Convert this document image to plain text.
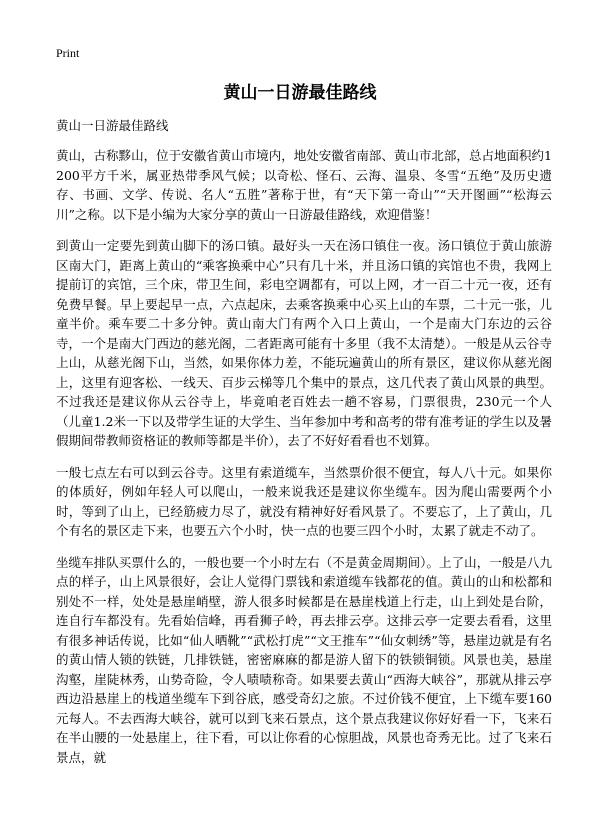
Print
黄山一日游最佳路线

黄山一日游最佳路线

黄山，古称黟山，位于安徽省黄山市境内，地处安徽省南部、黄山市北部，总占地面积约1200平方千米，属亚热带季风气候；以奇松、怪石、云海、温泉、冬雪“五绝”及历史遗存、书画、文学、传说、名人“五胜”著称于世，有“天下第一奇山”“天开图画”“松海云川”之称。以下是小编为大家分享的黄山一日游最佳路线，欢迎借鉴！

到黄山一定要先到黄山脚下的汤口镇。最好头一天在汤口镇住一夜。汤口镇位于黄山旅游区南大门，距离上黄山的“乘客换乘中心”只有几十米，并且汤口镇的宾馆也不贵，我网上提前订的宾馆，三个床，带卫生间，彩电空调都有，可以上网，才一百二十元一夜，还有免费早餐。早上要起早一点，六点起床，去乘客换乘中心买上山的车票，二十元一张，儿童半价。乘车要二十多分钟。黄山南大门有两个入口上黄山，一个是南大门东边的云谷寺，一个是南大门西边的慈光阁，二者距离可能有十多里（我不太清楚）。一般是从云谷寺上山，从慈光阁下山，当然，如果你体力差，不能玩遍黄山的所有景区，建议你从慈光阁上，这里有迎客松、一线天、百步云梯等几个集中的景点，这几代表了黄山风景的典型。不过我还是建议你从云谷寺上，毕竟咱老百姓去一趟不容易，门票很贵，230元一个人（儿童1.2米一下以及带学生证的大学生、当年参加中考和高考的带有准考证的学生以及暑假期间带教师资格证的教师等都是半价），去了不好好看看也不划算。

一般七点左右可以到云谷寺。这里有索道缆车，当然票价很不便宜，每人八十元。如果你的体质好，例如年轻人可以爬山，一般来说我还是建议你坐缆车。因为爬山需要两个小时，等到了山上，已经筋疲力尽了，就没有精神好好看风景了。不要忘了，上了黄山，几个有名的景区走下来，也要五六个小时，快一点的也要三四个小时，太累了就走不动了。

坐缆车排队买票什么的，一般也要一个小时左右（不是黄金周期间）。上了山，一般是八九点的样子，山上风景很好，会让人觉得门票钱和索道缆车钱都花的值。黄山的山和松都和别处不一样，处处是悬崖峭壁，游人很多时候都是在悬崖栈道上行走，山上到处是台阶，连自行车都没有。先看始信峰，再看狮子岭，再去排云亭。这排云亭一定要去看看，这里有很多神话传说，比如“仙人晒靴”“武松打虎”“文王推车”“仙女刺绣”等，悬崖边就是有名的黄山情人锁的铁链，几排铁链，密密麻麻的都是游人留下的铁锁铜锁。风景也美，悬崖沟壑，崖陡林秀，山势奇险，令人啧啧称奇。如果要去黄山“西海大峡谷”，那就从排云亭西边沿悬崖上的栈道坐缆车下到谷底，感受奇幻之旅。不过价钱不便宜，上下缆车要160元每人。不去西海大峡谷，就可以到飞来石景点，这个景点我建议你好好看一下，飞来石在半山腰的一处悬崖上，往下看，可以让你看的心惊胆战，风景也奇秀无比。过了飞来石景点，就
